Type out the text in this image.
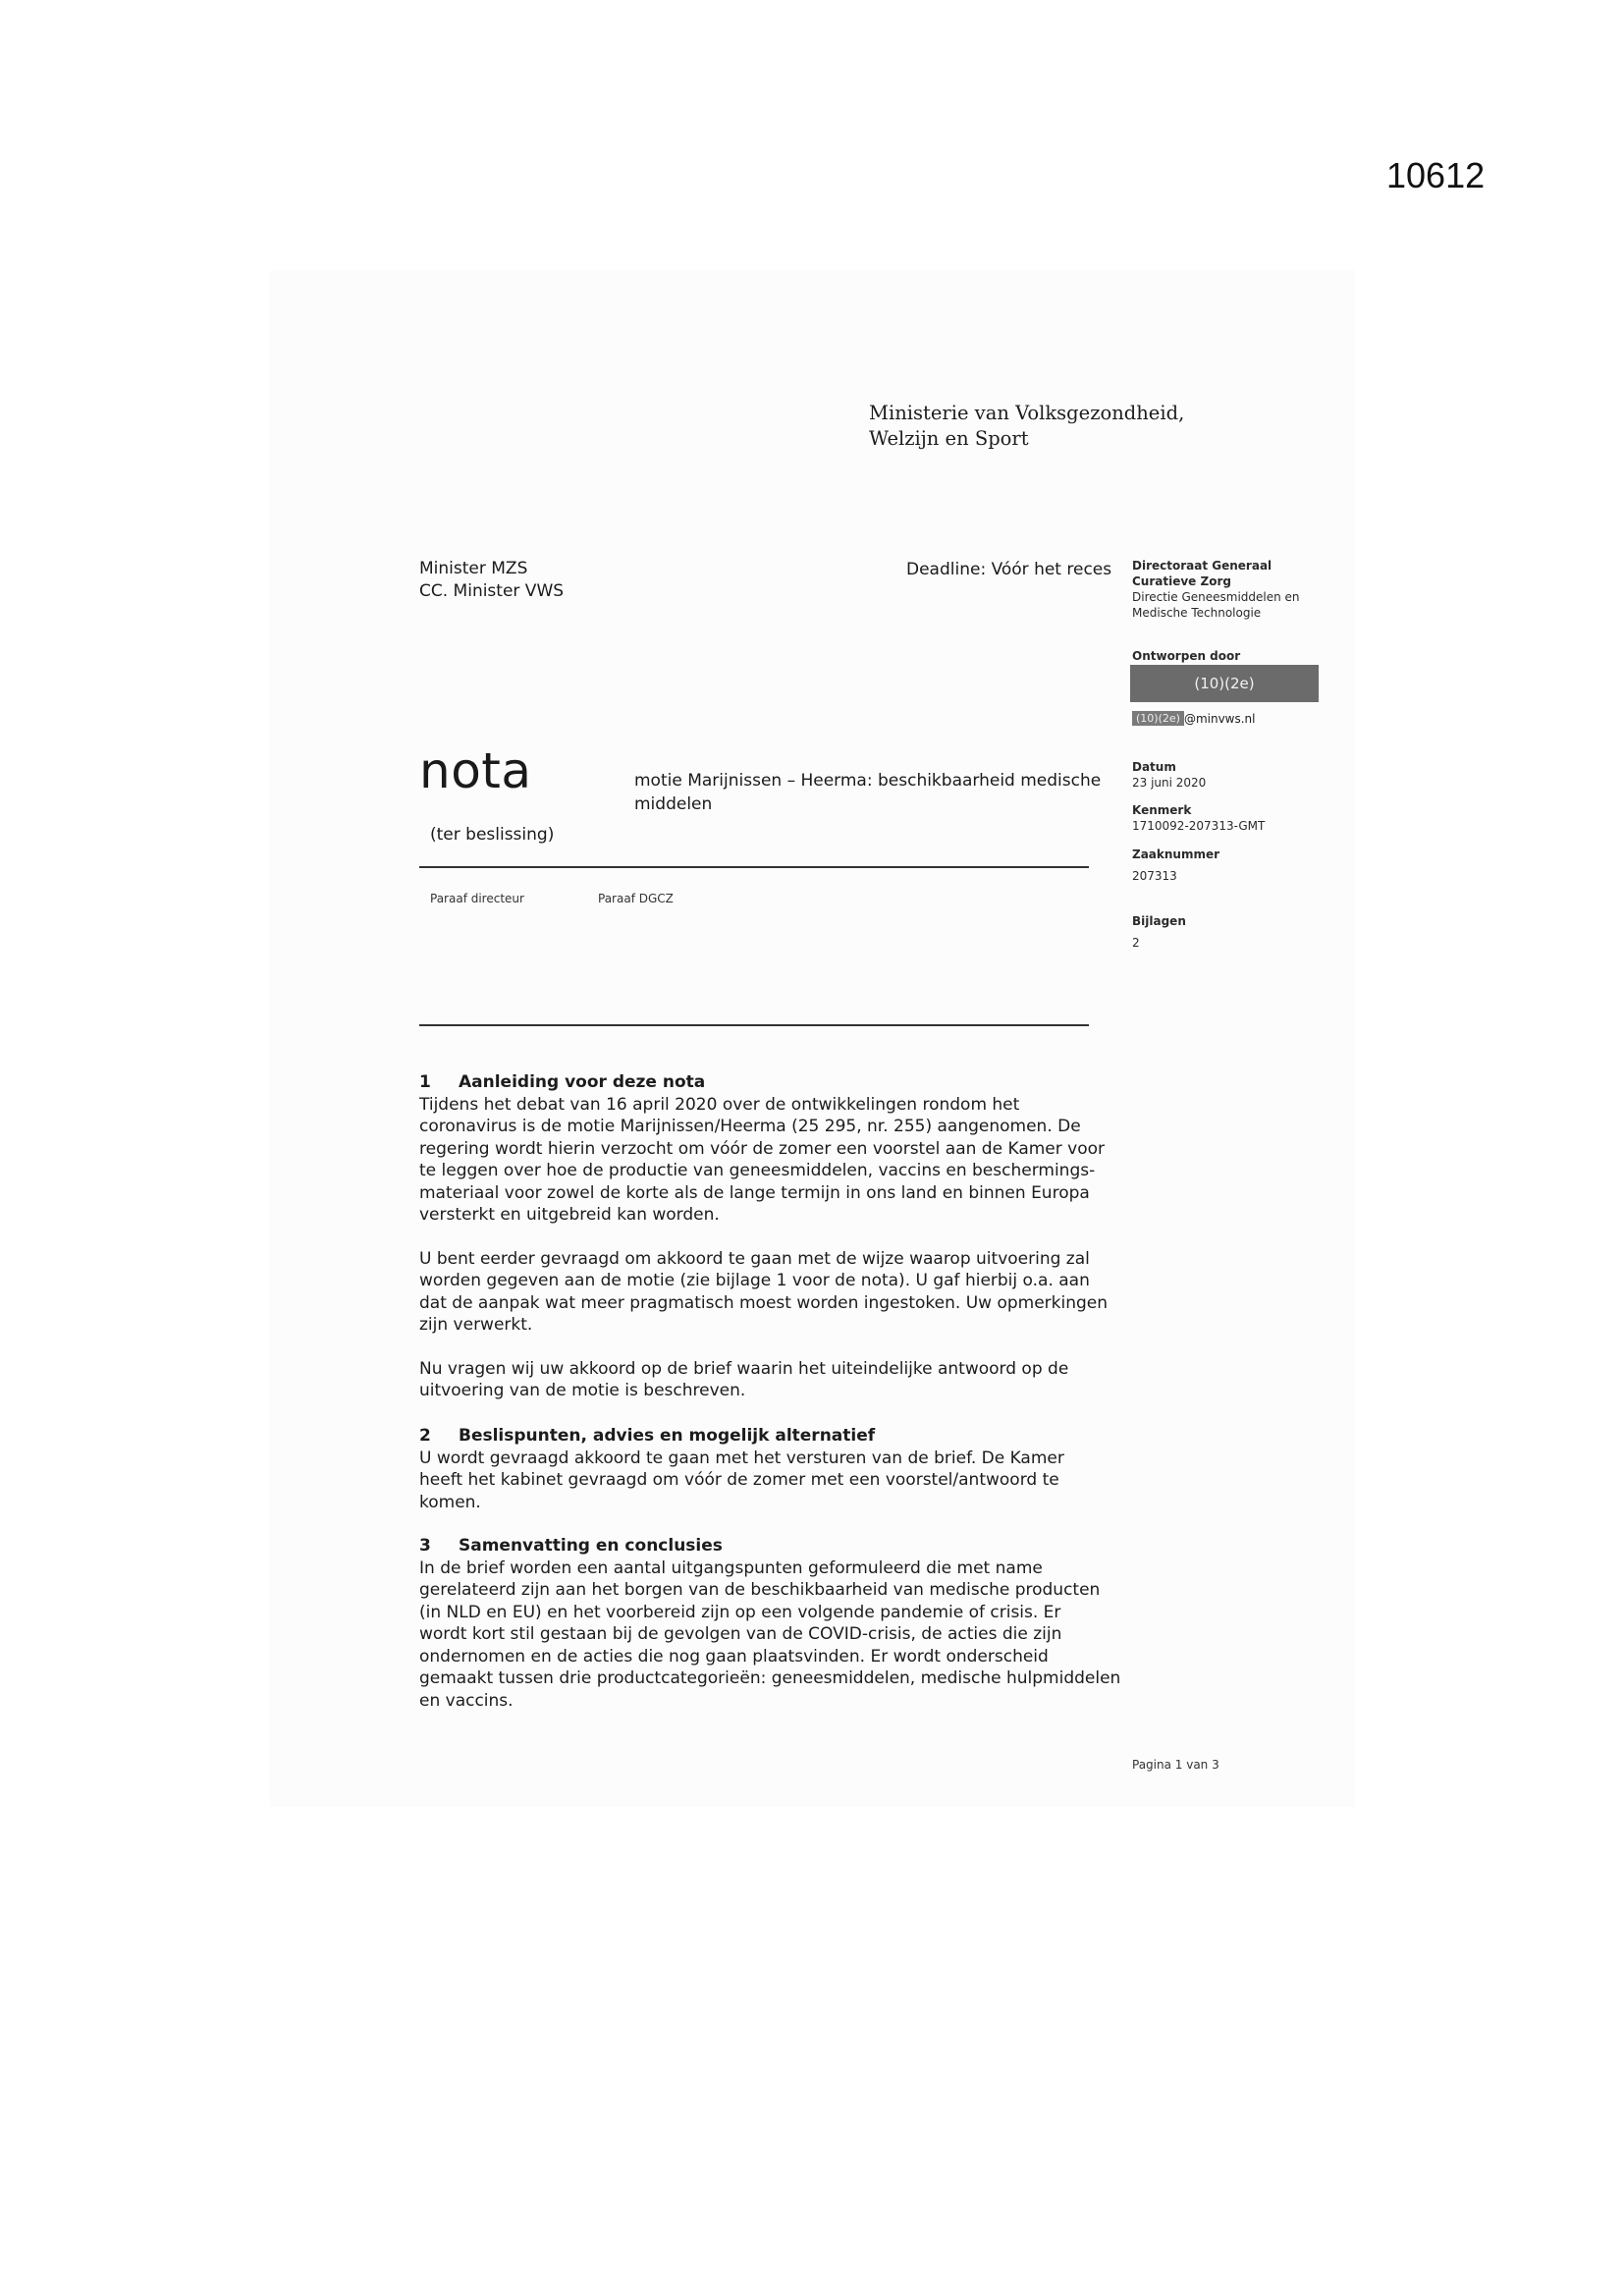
10612
Ministerie van Volksgezondheid,
Welzijn en Sport
Minister MZS
CC. Minister VWS
Deadline: Vóór het reces Directoraat Generaal
Curatieve Zorg
Directie Geneesmiddelen en
Medische Technologie
Ontworpen door
(10)(2e)
(10)(2e) @minvws.nl
Datum
23 juni 2020
Kenmerk
1710092-207313-GMT
Zaaknummer
207313
Bijlagen
2
nota
(ter beslissing)
motie Marijnissen – Heerma: beschikbaarheid medische
middelen
Paraaf directeur	Paraaf DGCZ
1 Aanleiding voor deze nota

Tijdens het debat van 16 april 2020 over de ontwikkelingen rondom het
coronavirus is de motie Marijnissen/Heerma (25 295, nr. 255) aangenomen. De
regering wordt hierin verzocht om vóór de zomer een voorstel aan de Kamer voor
te leggen over hoe de productie van geneesmiddelen, vaccins en beschermings-
materiaal voor zowel de korte als de lange termijn in ons land en binnen Europa
versterkt en uitgebreid kan worden.

U bent eerder gevraagd om akkoord te gaan met de wijze waarop uitvoering zal
worden gegeven aan de motie (zie bijlage 1 voor de nota). U gaf hierbij o.a. aan
dat de aanpak wat meer pragmatisch moest worden ingestoken. Uw opmerkingen
zijn verwerkt.

Nu vragen wij uw akkoord op de brief waarin het uiteindelijke antwoord op de
uitvoering van de motie is beschreven.

2 Beslispunten, advies en mogelijk alternatief

U wordt gevraagd akkoord te gaan met het versturen van de brief. De Kamer
heeft het kabinet gevraagd om vóór de zomer met een voorstel/antwoord te
komen.

3 Samenvatting en conclusies

In de brief worden een aantal uitgangspunten geformuleerd die met name
gerelateerd zijn aan het borgen van de beschikbaarheid van medische producten
(in NLD en EU) en het voorbereid zijn op een volgende pandemie of crisis. Er
wordt kort stil gestaan bij de gevolgen van de COVID-crisis, de acties die zijn
ondernomen en de acties die nog gaan plaatsvinden. Er wordt onderscheid
gemaakt tussen drie productcategorieën: geneesmiddelen, medische hulpmiddelen
en vaccins.

Pagina 1 van 3
